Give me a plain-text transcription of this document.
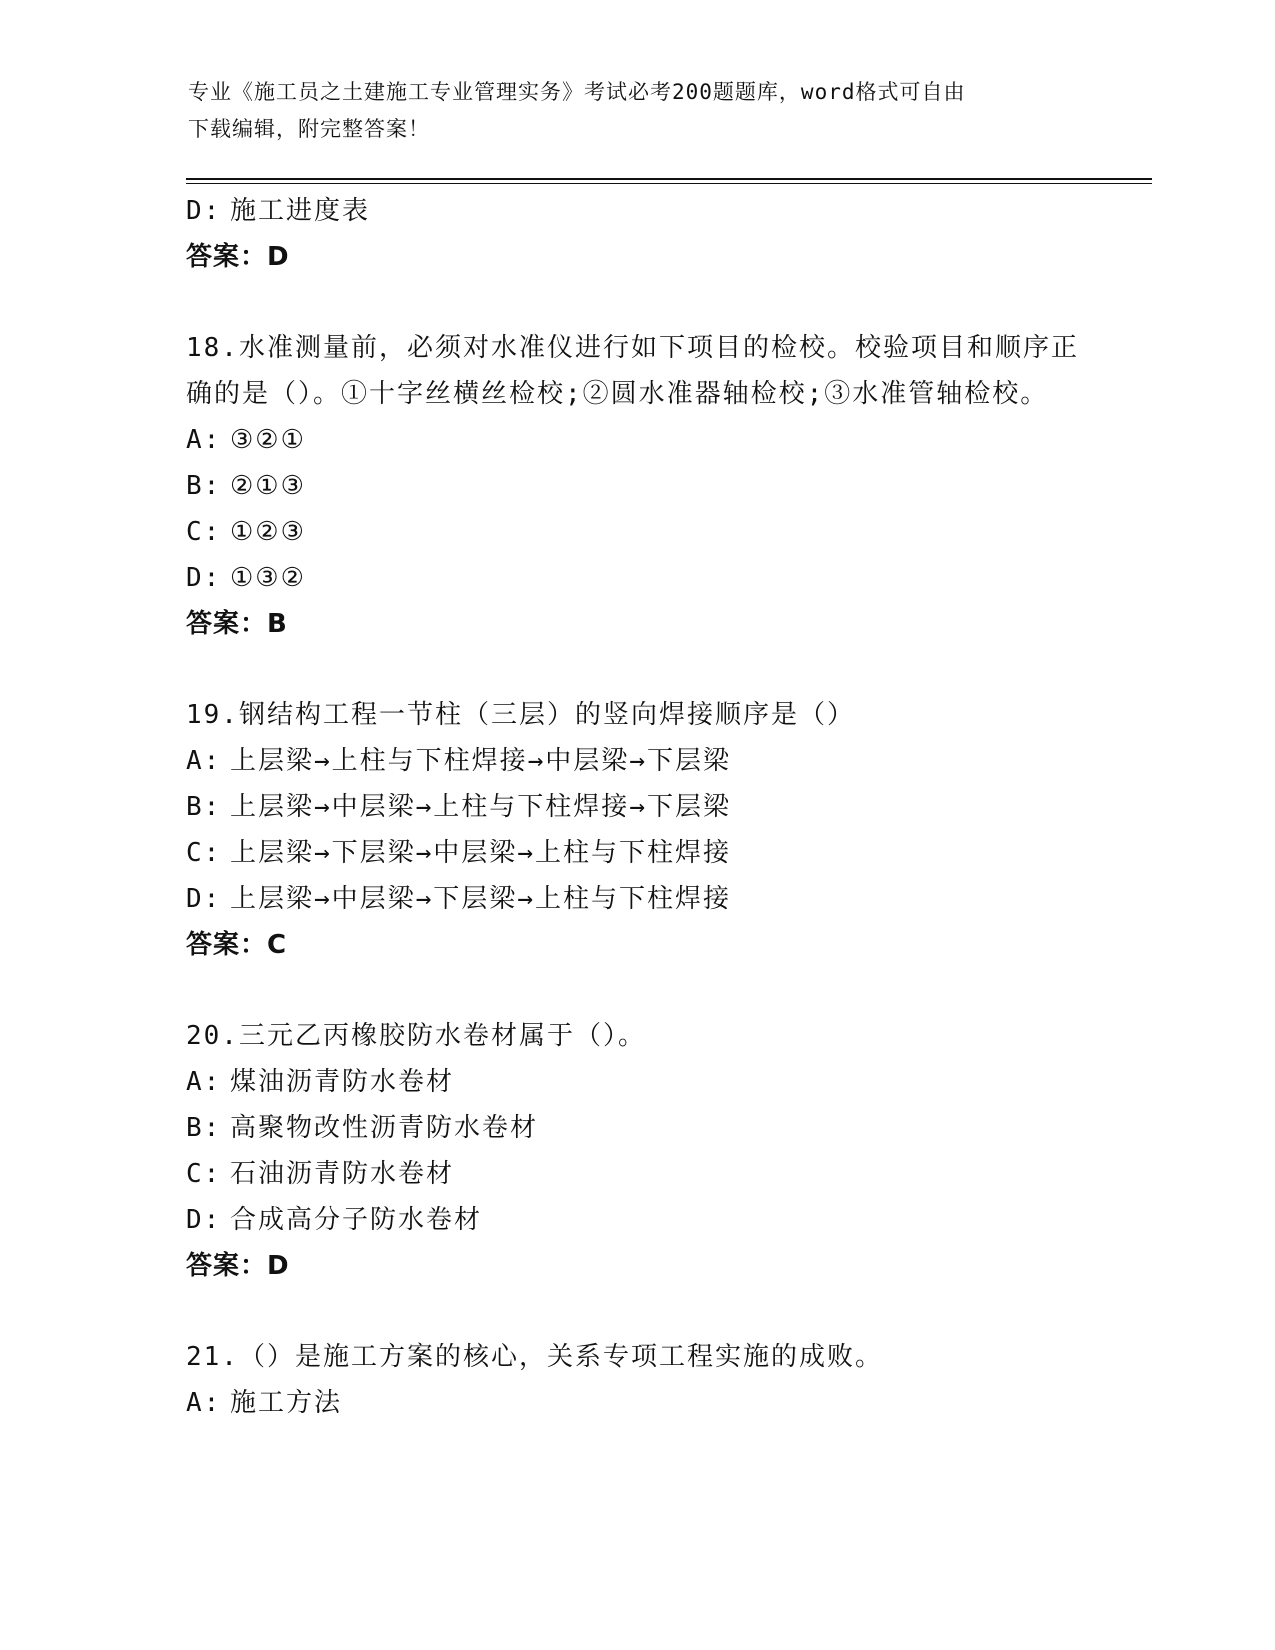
专业《施工员之土建施工专业管理实务》考试必考200题题库，word格式可自由

下载编辑，附完整答案！

D: 施工进度表
答案：D
18.水准测量前，必须对水准仪进行如下项目的检校。校验项目和顺序正确的是（）。①十字丝横丝检校;②圆水准器轴检校;③水准管轴检校。
A: ③②①
B: ②①③
C: ①②③
D: ①③②
答案：B
19.钢结构工程一节柱（三层）的竖向焊接顺序是（）
A: 上层梁→上柱与下柱焊接→中层梁→下层梁
B: 上层梁→中层梁→上柱与下柱焊接→下层梁
C: 上层梁→下层梁→中层梁→上柱与下柱焊接
D: 上层梁→中层梁→下层梁→上柱与下柱焊接
答案：C
20.三元乙丙橡胶防水卷材属于（）。
A: 煤油沥青防水卷材
B: 高聚物改性沥青防水卷材
C: 石油沥青防水卷材
D: 合成高分子防水卷材
答案：D
21.（）是施工方案的核心，关系专项工程实施的成败。
A: 施工方法
